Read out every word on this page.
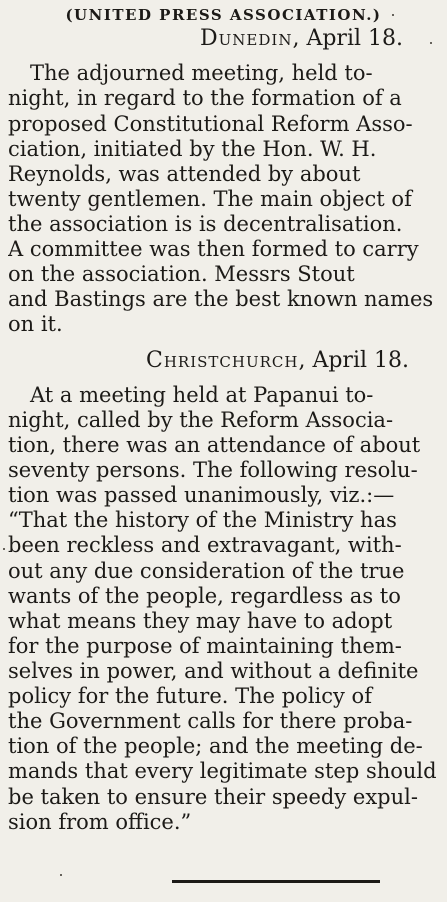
(UNITED PRESS ASSOCIATION.)
Dunedin, April 18.
The adjourned meeting, held to-
night, in regard to the formation of a
proposed Constitutional Reform Asso-
ciation, initiated by the Hon. W. H.
Reynolds, was attended by about
twenty gentlemen. The main object of
the association is is decentralisation.
A committee was then formed to carry
on the association. Messrs Stout
and Bastings are the best known names
on it.
Christchurch, April 18.
At a meeting held at Papanui to-
night, called by the Reform Associa-
tion, there was an attendance of about
seventy persons. The following resolu-
tion was passed unanimously, viz.:—
“That the history of the Ministry has
been reckless and extravagant, with-
out any due consideration of the true
wants of the people, regardless as to
what means they may have to adopt
for the purpose of maintaining them-
selves in power, and without a definite
policy for the future. The policy of
the Government calls for there proba-
tion of the people; and the meeting de-
mands that every legitimate step should
be taken to ensure their speedy expul-
sion from office.”
